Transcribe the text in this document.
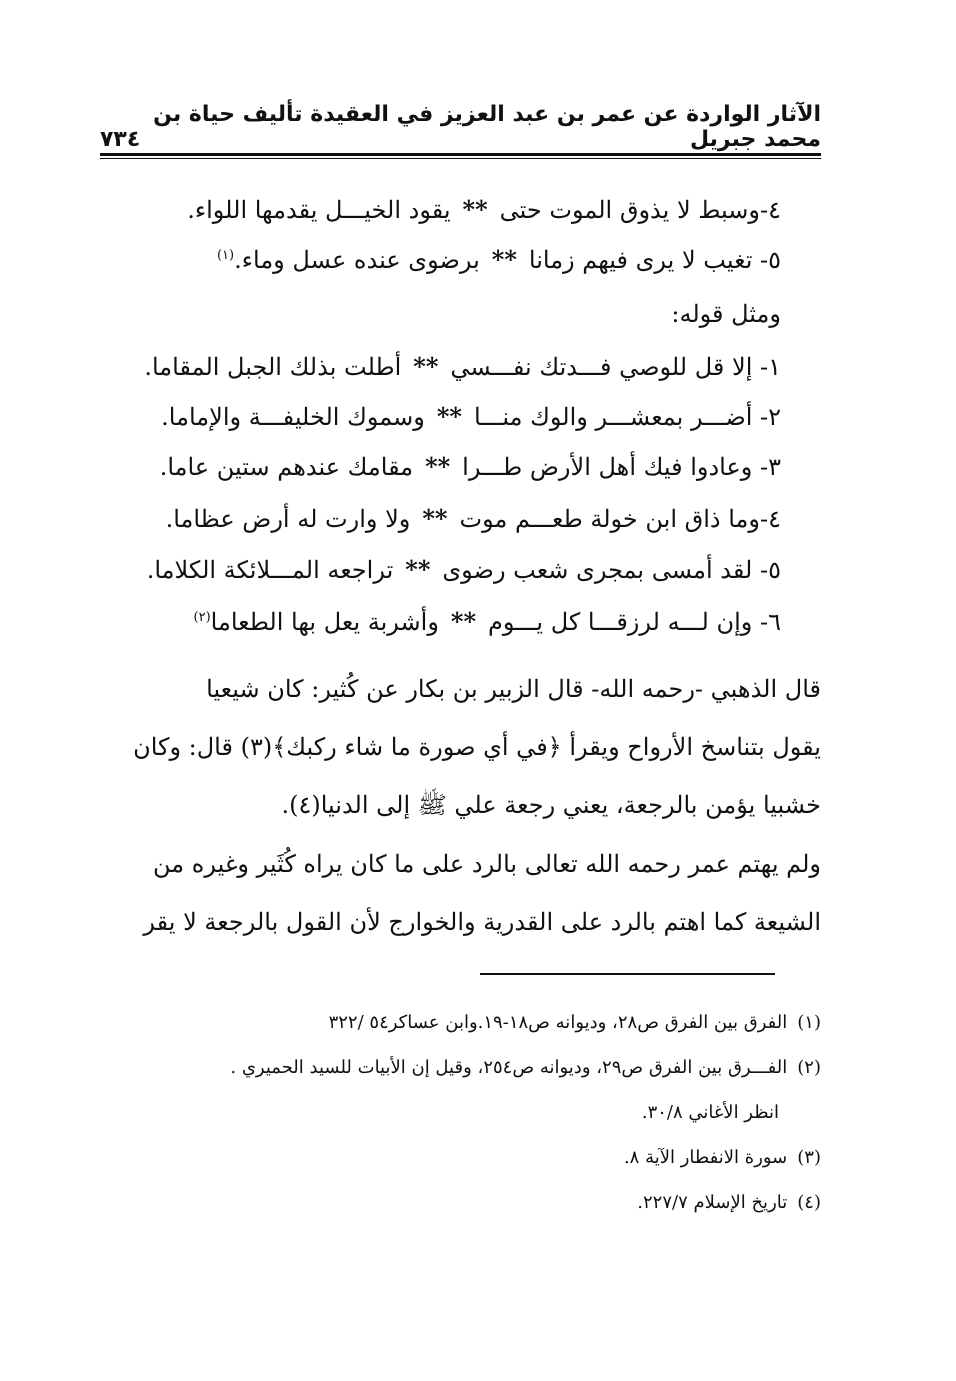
الآثار الواردة عن عمر بن عبد العزيز في العقيدة تأليف حياة بن محمد جبريل
٧٣٤
٤-وسبط لا يذوق الموت حتى**يقود الخيـــل يقدمها اللواء.
٥- تغيب لا يرى فيهم زمانا**برضوى عنده عسل وماء.$^{(١)}$
ومثل قوله:
١- إلا قل للوصي فـــدتك نفـــسي**أطلت بذلك الجبل المقاما.
٢- أضـــر بمعشـــر والوك منـــا**وسموك الخليفـــة والإماما.
٣- وعادوا فيك أهل الأرض طـــرا**مقامك عندهم ستين عاما.
٤-وما ذاق ابن خولة طعـــم موت**ولا وارت له أرض عظاما.
٥- لقد أمسى بمجرى شعب رضوى**تراجعه المـــلائكة الكلاما.
٦- وإن لـــه لرزقـــا كل يـــوم**وأشربة يعل بها الطعاما$^{(٢)}$
قال الذهبي -رحمه الله- قال الزبير بن بكار عن كُثير: كان شيعيا
يقول بتناسخ الأرواح ويقرأ ﴿في أي صورة ما شاء ركبك﴾(٣) قال: وكان
خشبيا يؤمن بالرجعة، يعني رجعة علي ﷺ إلى الدنيا(٤).
ولم يهتم عمر رحمه الله تعالى بالرد على ما كان يراه كُثَير وغيره من
الشيعة كما اهتم بالرد على القدرية والخوارج لأن القول بالرجعة لا يقر
(١)الفرق بين الفرق ص٢٨، وديوانه ص١٨-١٩.وابن عساكر٥٤ /٣٢٢
(٢)الفـــرق بين الفرق ص٢٩، وديوانه ص٢٥٤، وقيل إن الأبيات للسيد الحميري .
انظر الأغاني ٣٠/٨.
(٣)سورة الانفطار الآية ٨.
(٤)تاريخ الإسلام ٢٢٧/٧.
